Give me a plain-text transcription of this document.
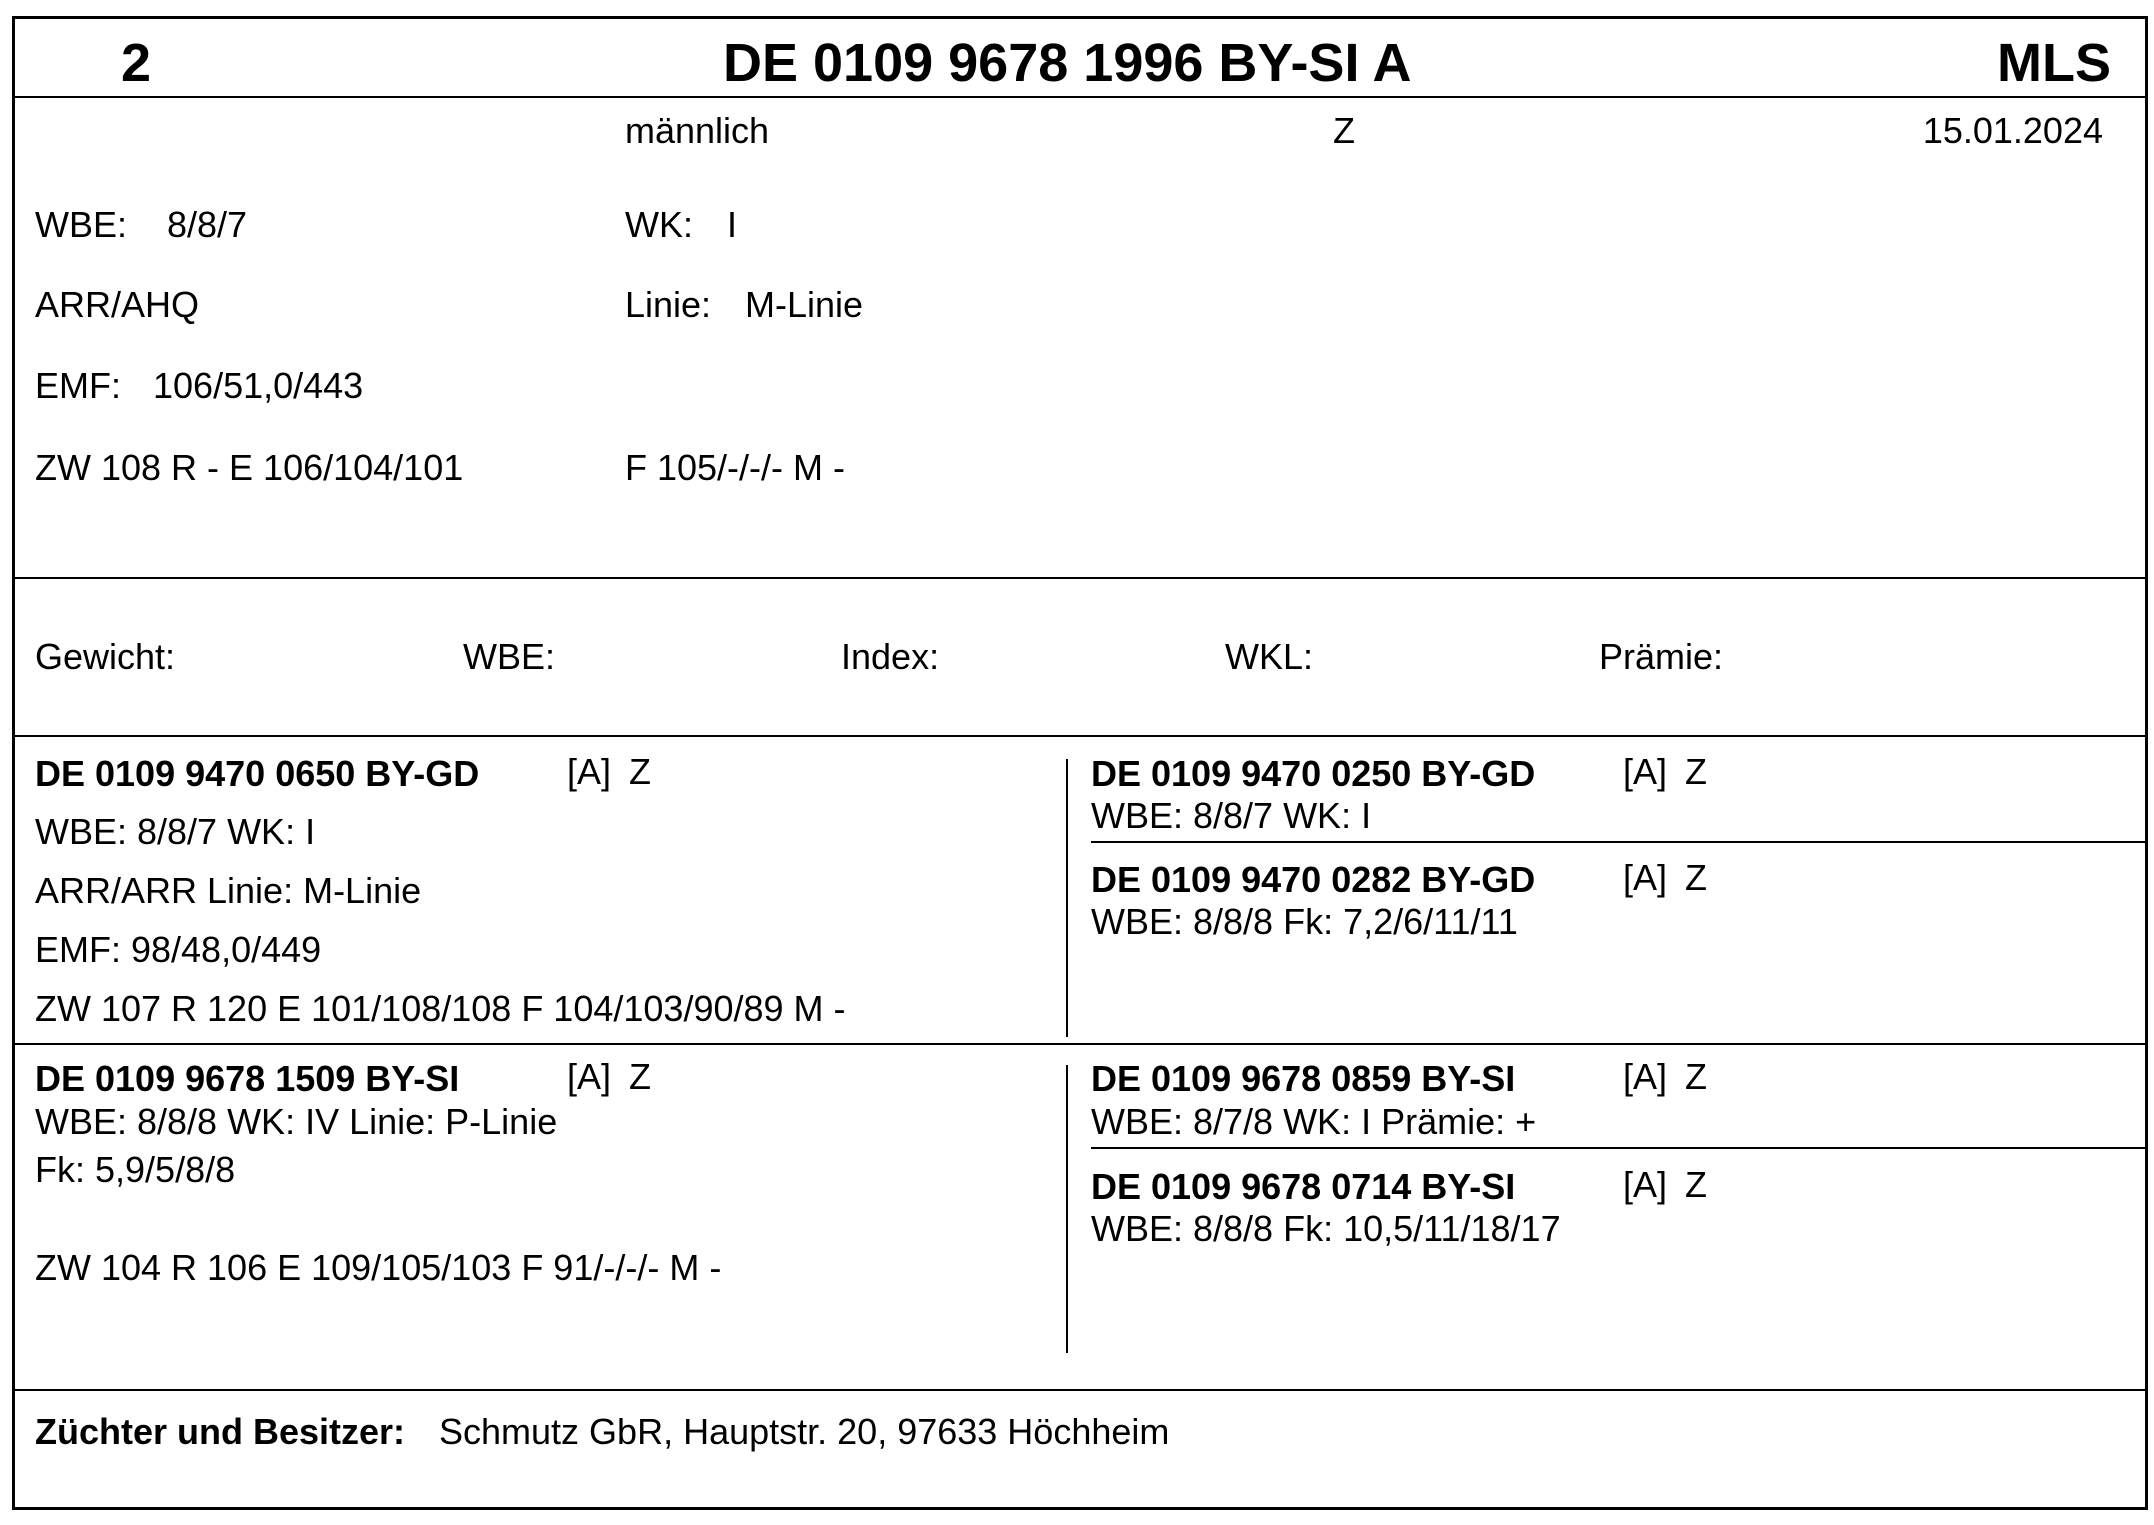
2	DE 0109 9678 1996 BY-SI A	MLS
männlich	Z	15.01.2024
WBE: 8/8/7	WK: I
ARR/AHQ	Linie: M-Linie
EMF: 106/51,0/443
ZW 108 R - E 106/104/101	F 105/-/-/- M -
Gewicht:	WBE:	Index:	WKL:	Prämie:
DE 0109 9470 0650 BY-GD [A] Z
WBE: 8/8/7 WK: I
ARR/ARR Linie: M-Linie
EMF: 98/48,0/449
ZW 107 R 120 E 101/108/108 F 104/103/90/89 M -
DE 0109 9470 0250 BY-GD [A] Z
WBE: 8/8/7 WK: I
DE 0109 9470 0282 BY-GD [A] Z
WBE: 8/8/8 Fk: 7,2/6/11/11
DE 0109 9678 1509 BY-SI	[A] Z
WBE: 8/8/8 WK: IV Linie: P-Linie
Fk: 5,9/5/8/8
ZW 104 R 106 E 109/105/103 F 91/-/-/- M -
DE 0109 9678 0859 BY-SI	[A] Z
WBE: 8/7/8 WK: I Prämie: +
DE 0109 9678 0714 BY-SI	[A] Z
WBE: 8/8/8 Fk: 10,5/11/18/17
Züchter und Besitzer: Schmutz GbR, Hauptstr. 20, 97633 Höchheim
